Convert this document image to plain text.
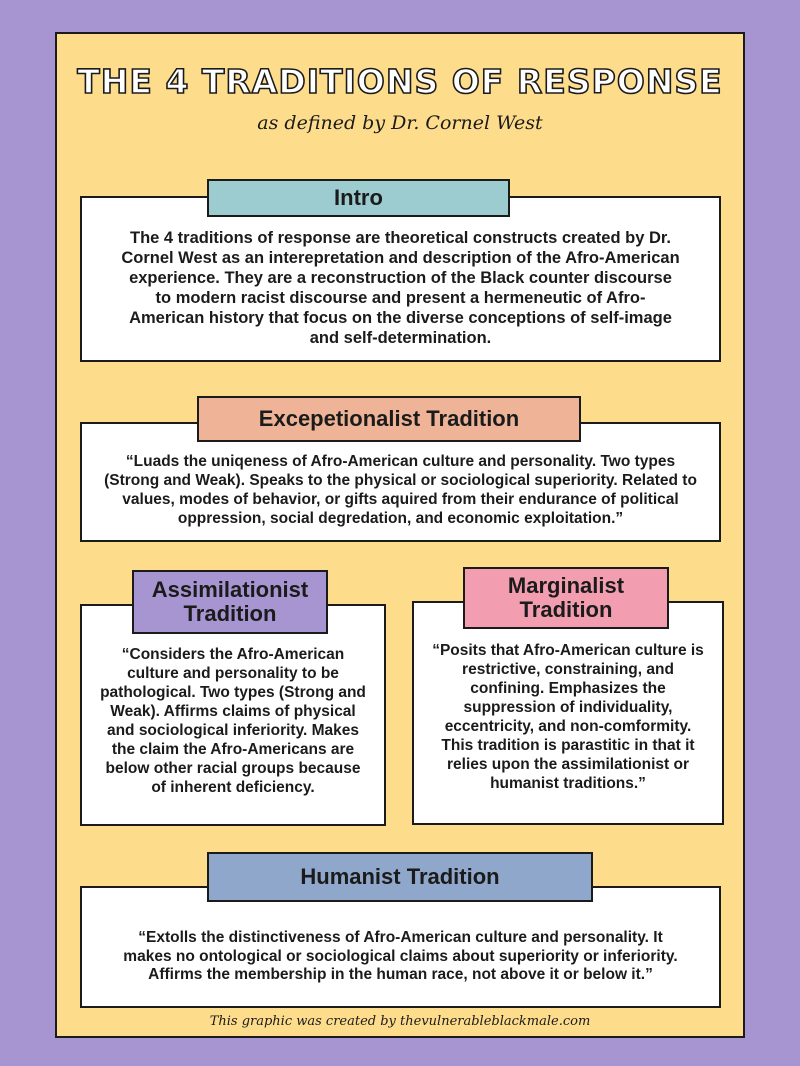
THE 4 TRADITIONS OF RESPONSE
as defined by Dr. Cornel West
The 4 traditions of response are theoretical constructs created by Dr. Cornel West as an interepretation and description of the Afro-American experience. They are a reconstruction of the Black counter discourse to modern racist discourse and present a hermeneutic of Afro-American history that focus on the diverse conceptions of self-image and self-determination.
Intro
“Luads the uniqeness of Afro-American culture and personality. Two types (Strong and Weak). Speaks to the physical or sociological superiority. Related to values, modes of behavior, or gifts aquired from their endurance of political oppression, social degredation, and economic exploitation.”
Excepetionalist Tradition
“Considers the Afro-American culture and personality to be pathological. Two types (Strong and Weak). Affirms claims of physical and sociological inferiority. Makes the claim the Afro-Americans are below other racial groups because of inherent deficiency.
Assimilationist Tradition
“Posits that Afro-American culture is restrictive, constraining, and confining. Emphasizes the suppression of individuality, eccentricity, and non-comformity. This tradition is parastitic in that it relies upon the assimilationist or humanist traditions.”
Marginalist Tradition
“Extolls the distinctiveness of Afro-American culture and personality. It makes no ontological or sociological claims about superiority or inferiority. Affirms the membership in the human race, not above it or below it.”
Humanist Tradition
This graphic was created by thevulnerableblackmale.com
